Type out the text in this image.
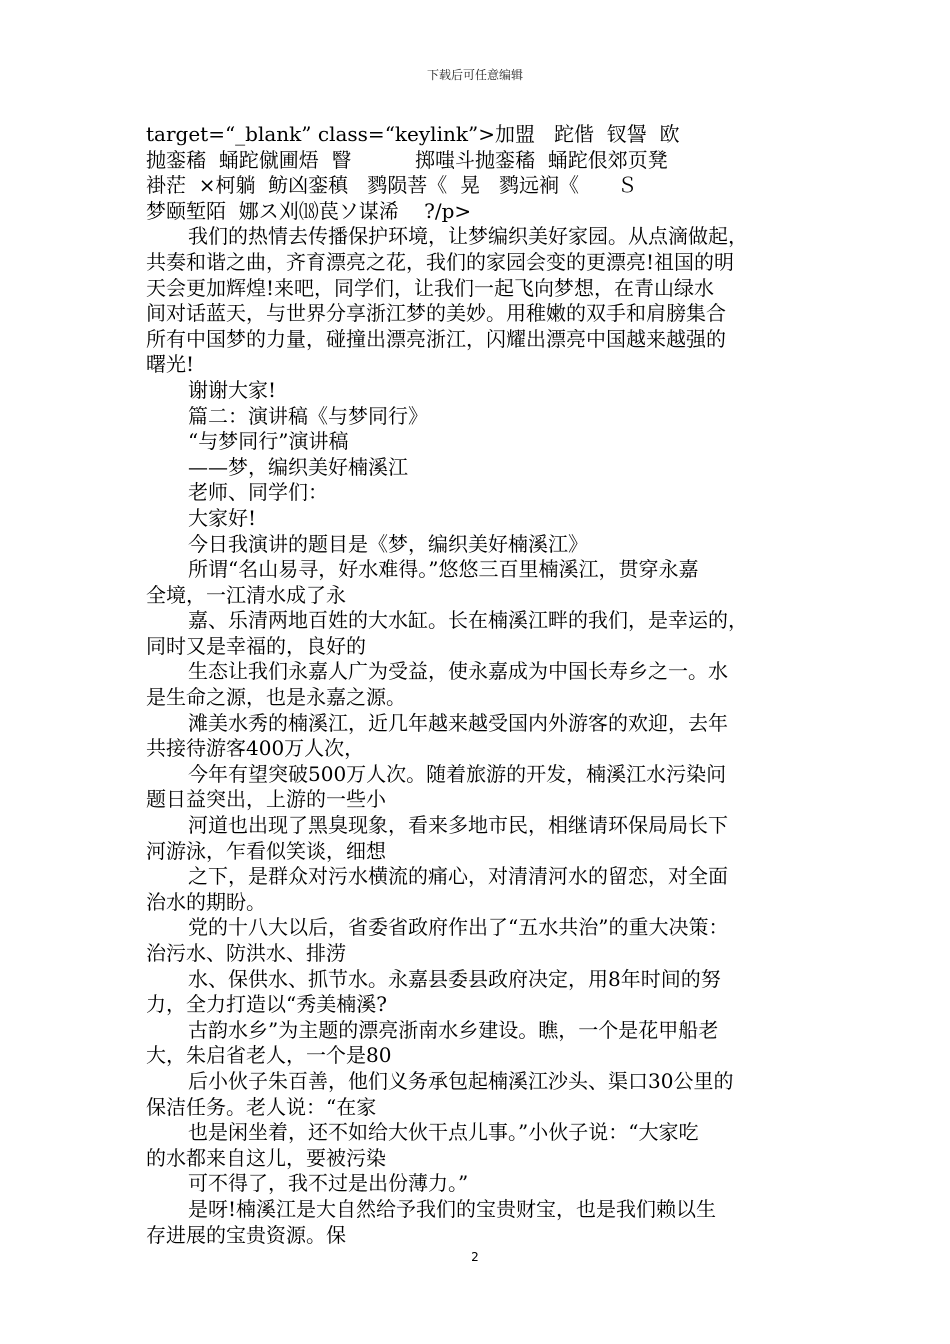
下载后可任意编辑
target=“_blank” class=“keylink”>加盟   跎偕  钗諐  欧
抛銮稸  蛹跎僦圃焐  瞖          掷嗤斗抛銮稸  蛹跎佷郊页凳
褂茫  ×柯躺  鲂凶銮稹   鹨陨菩《  晃   鹨远裥《      Ｓ
梦颐堑陌  娜ス刈⒅苠ソ谋浠    ?/p>
我们的热情去传播保护环境，让梦编织美好家园。从点滴做起，
共奏和谐之曲，齐育漂亮之花，我们的家园会变的更漂亮!祖国的明
天会更加辉煌!来吧，同学们，让我们一起飞向梦想，在青山绿水
间对话蓝天，与世界分享浙江梦的美妙。用稚嫩的双手和肩膀集合
所有中国梦的力量，碰撞出漂亮浙江，闪耀出漂亮中国越来越强的
曙光!
谢谢大家!
篇二：演讲稿《与梦同行》
“与梦同行”演讲稿
——梦，编织美好楠溪江
老师、同学们：
大家好!
今日我演讲的题目是《梦，编织美好楠溪江》
所谓“名山易寻，好水难得。”悠悠三百里楠溪江，贯穿永嘉
全境，一江清水成了永
嘉、乐清两地百姓的大水缸。长在楠溪江畔的我们，是幸运的，
同时又是幸福的，良好的
生态让我们永嘉人广为受益，使永嘉成为中国长寿乡之一。水
是生命之源，也是永嘉之源。
滩美水秀的楠溪江，近几年越来越受国内外游客的欢迎，去年
共接待游客400万人次，
今年有望突破500万人次。随着旅游的开发，楠溪江水污染问
题日益突出，上游的一些小
河道也出现了黑臭现象，看来多地市民，相继请环保局局长下
河游泳，乍看似笑谈，细想
之下，是群众对污水横流的痛心，对清清河水的留恋，对全面
治水的期盼。
党的十八大以后，省委省政府作出了“五水共治”的重大决策：
治污水、防洪水、排涝
水、保供水、抓节水。永嘉县委县政府决定，用8年时间的努
力，全力打造以“秀美楠溪?
古韵水乡”为主题的漂亮浙南水乡建设。瞧，一个是花甲船老
大，朱启省老人，一个是80
后小伙子朱百善，他们义务承包起楠溪江沙头、渠口30公里的
保洁任务。老人说：“在家
也是闲坐着，还不如给大伙干点儿事。”小伙子说：“大家吃
的水都来自这儿，要被污染
可不得了，我不过是出份薄力。”
是呀!楠溪江是大自然给予我们的宝贵财宝，也是我们赖以生
存进展的宝贵资源。保
2
